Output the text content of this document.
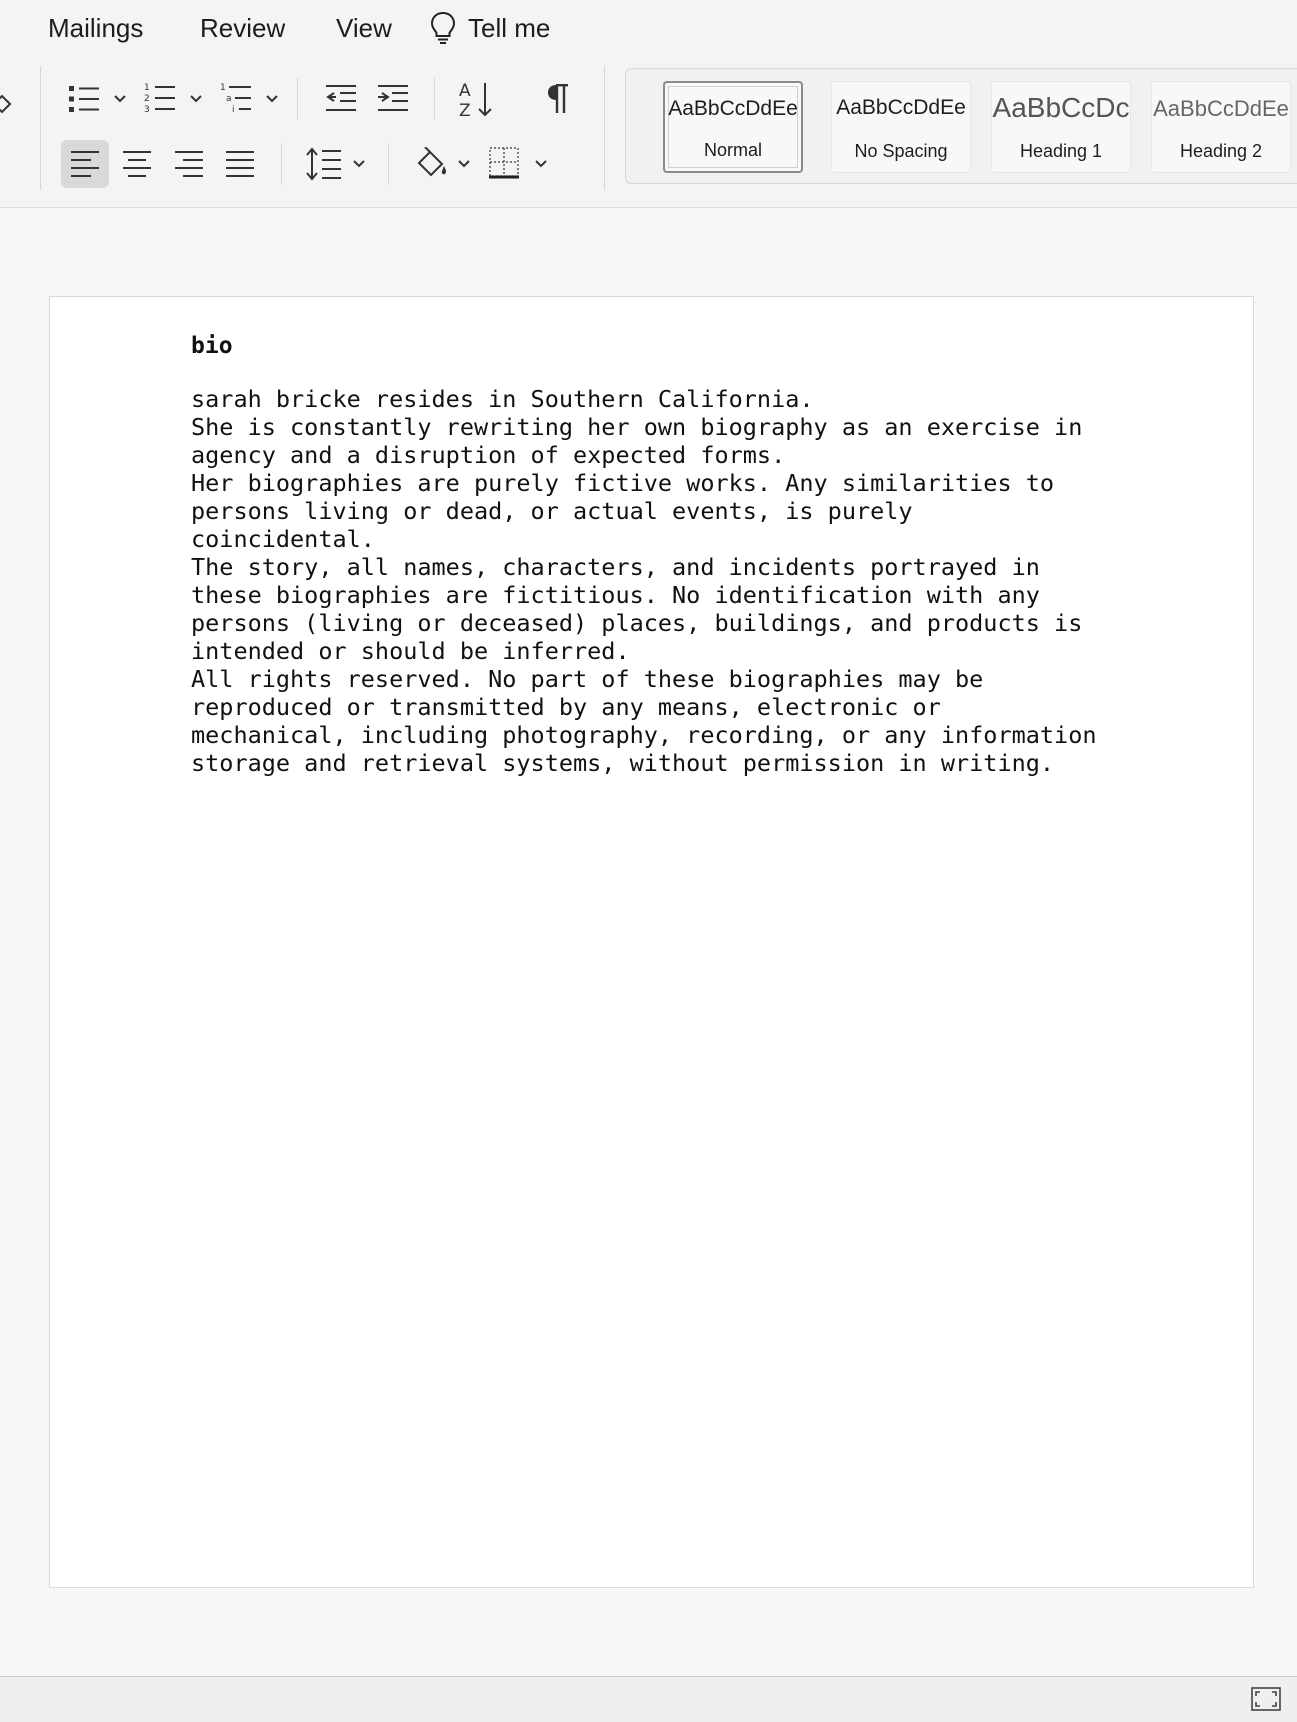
Mailings Review View	Tell me
1
2
3
1
a
i
A
Z	AaBbCcDdEe
Normal
AaBbCcDdEe
No Spacing
AaBbCcDc
Heading 1
AaBbCcDdEe
Heading 2
bio

sarah bricke resides in Southern California.

She is constantly rewriting her own biography as an exercise in

agency and a disruption of expected forms.

Her biographies are purely fictive works. Any similarities to

persons living or dead, or actual events, is purely

coincidental.

The story, all names, characters, and incidents portrayed in

these biographies are fictitious. No identification with any

persons (living or deceased) places, buildings, and products is

intended or should be inferred.

All rights reserved. No part of these biographies may be

reproduced or transmitted by any means, electronic or

mechanical, including photography, recording, or any information

storage and retrieval systems, without permission in writing.
